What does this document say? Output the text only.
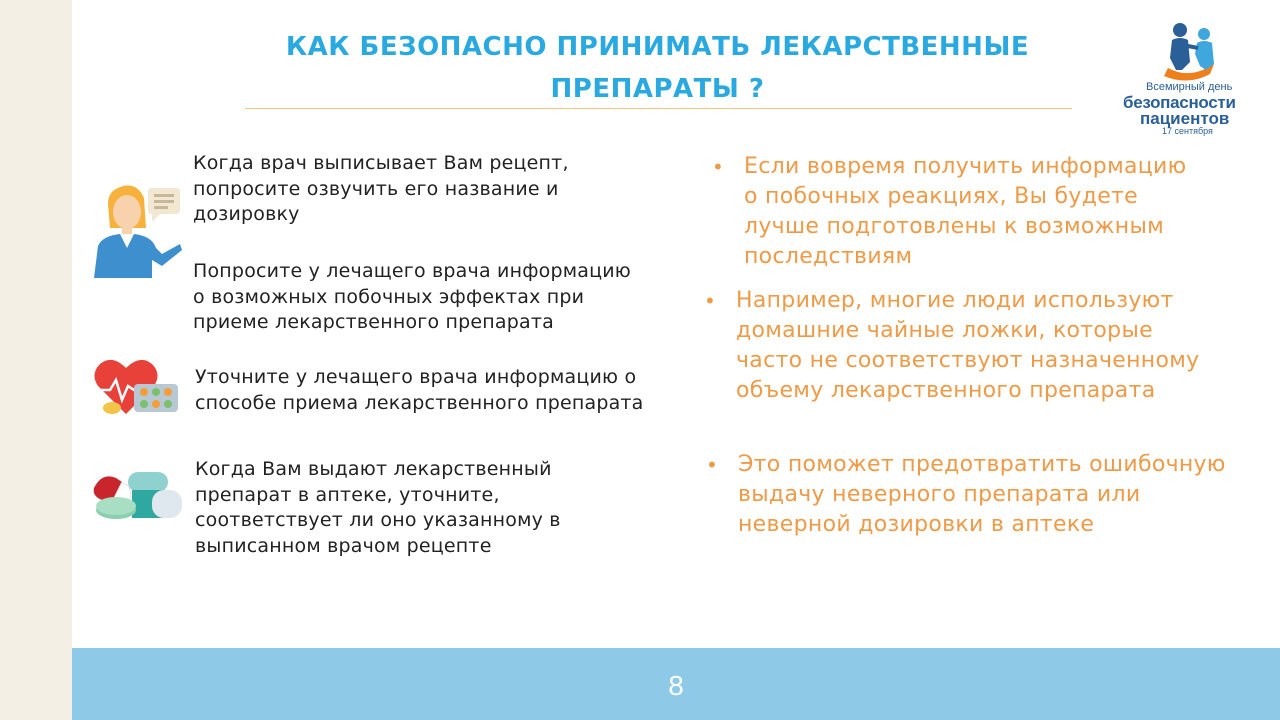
КАК БЕЗОПАСНО ПРИНИМАТЬ ЛЕКАРСТВЕННЫЕ
ПРЕПАРАТЫ ?	Всемирный день
безопасности
пациентов
17 сентября
Когда врач выписывает Вам рецепт,
попросите озвучить его название и
дозировку
Попросите у лечащего врача информацию
о возможных побочных эффектах при
приеме лекарственного препарата
Уточните у лечащего врача информацию о
способе приема лекарственного препарата
Когда Вам выдают лекарственный
препарат в аптеке, уточните,
соответствует ли оно указанному в
выписанном врачом рецепте
• Если вовремя получить информацию
о побочных реакциях, Вы будете
лучше подготовлены к возможным
последствиям
• Например, многие люди используют
домашние чайные ложки, которые
часто не соответствуют назначенному
объему лекарственного препарата
• Это поможет предотвратить ошибочную
выдачу неверного препарата или
неверной дозировки в аптеке
8
